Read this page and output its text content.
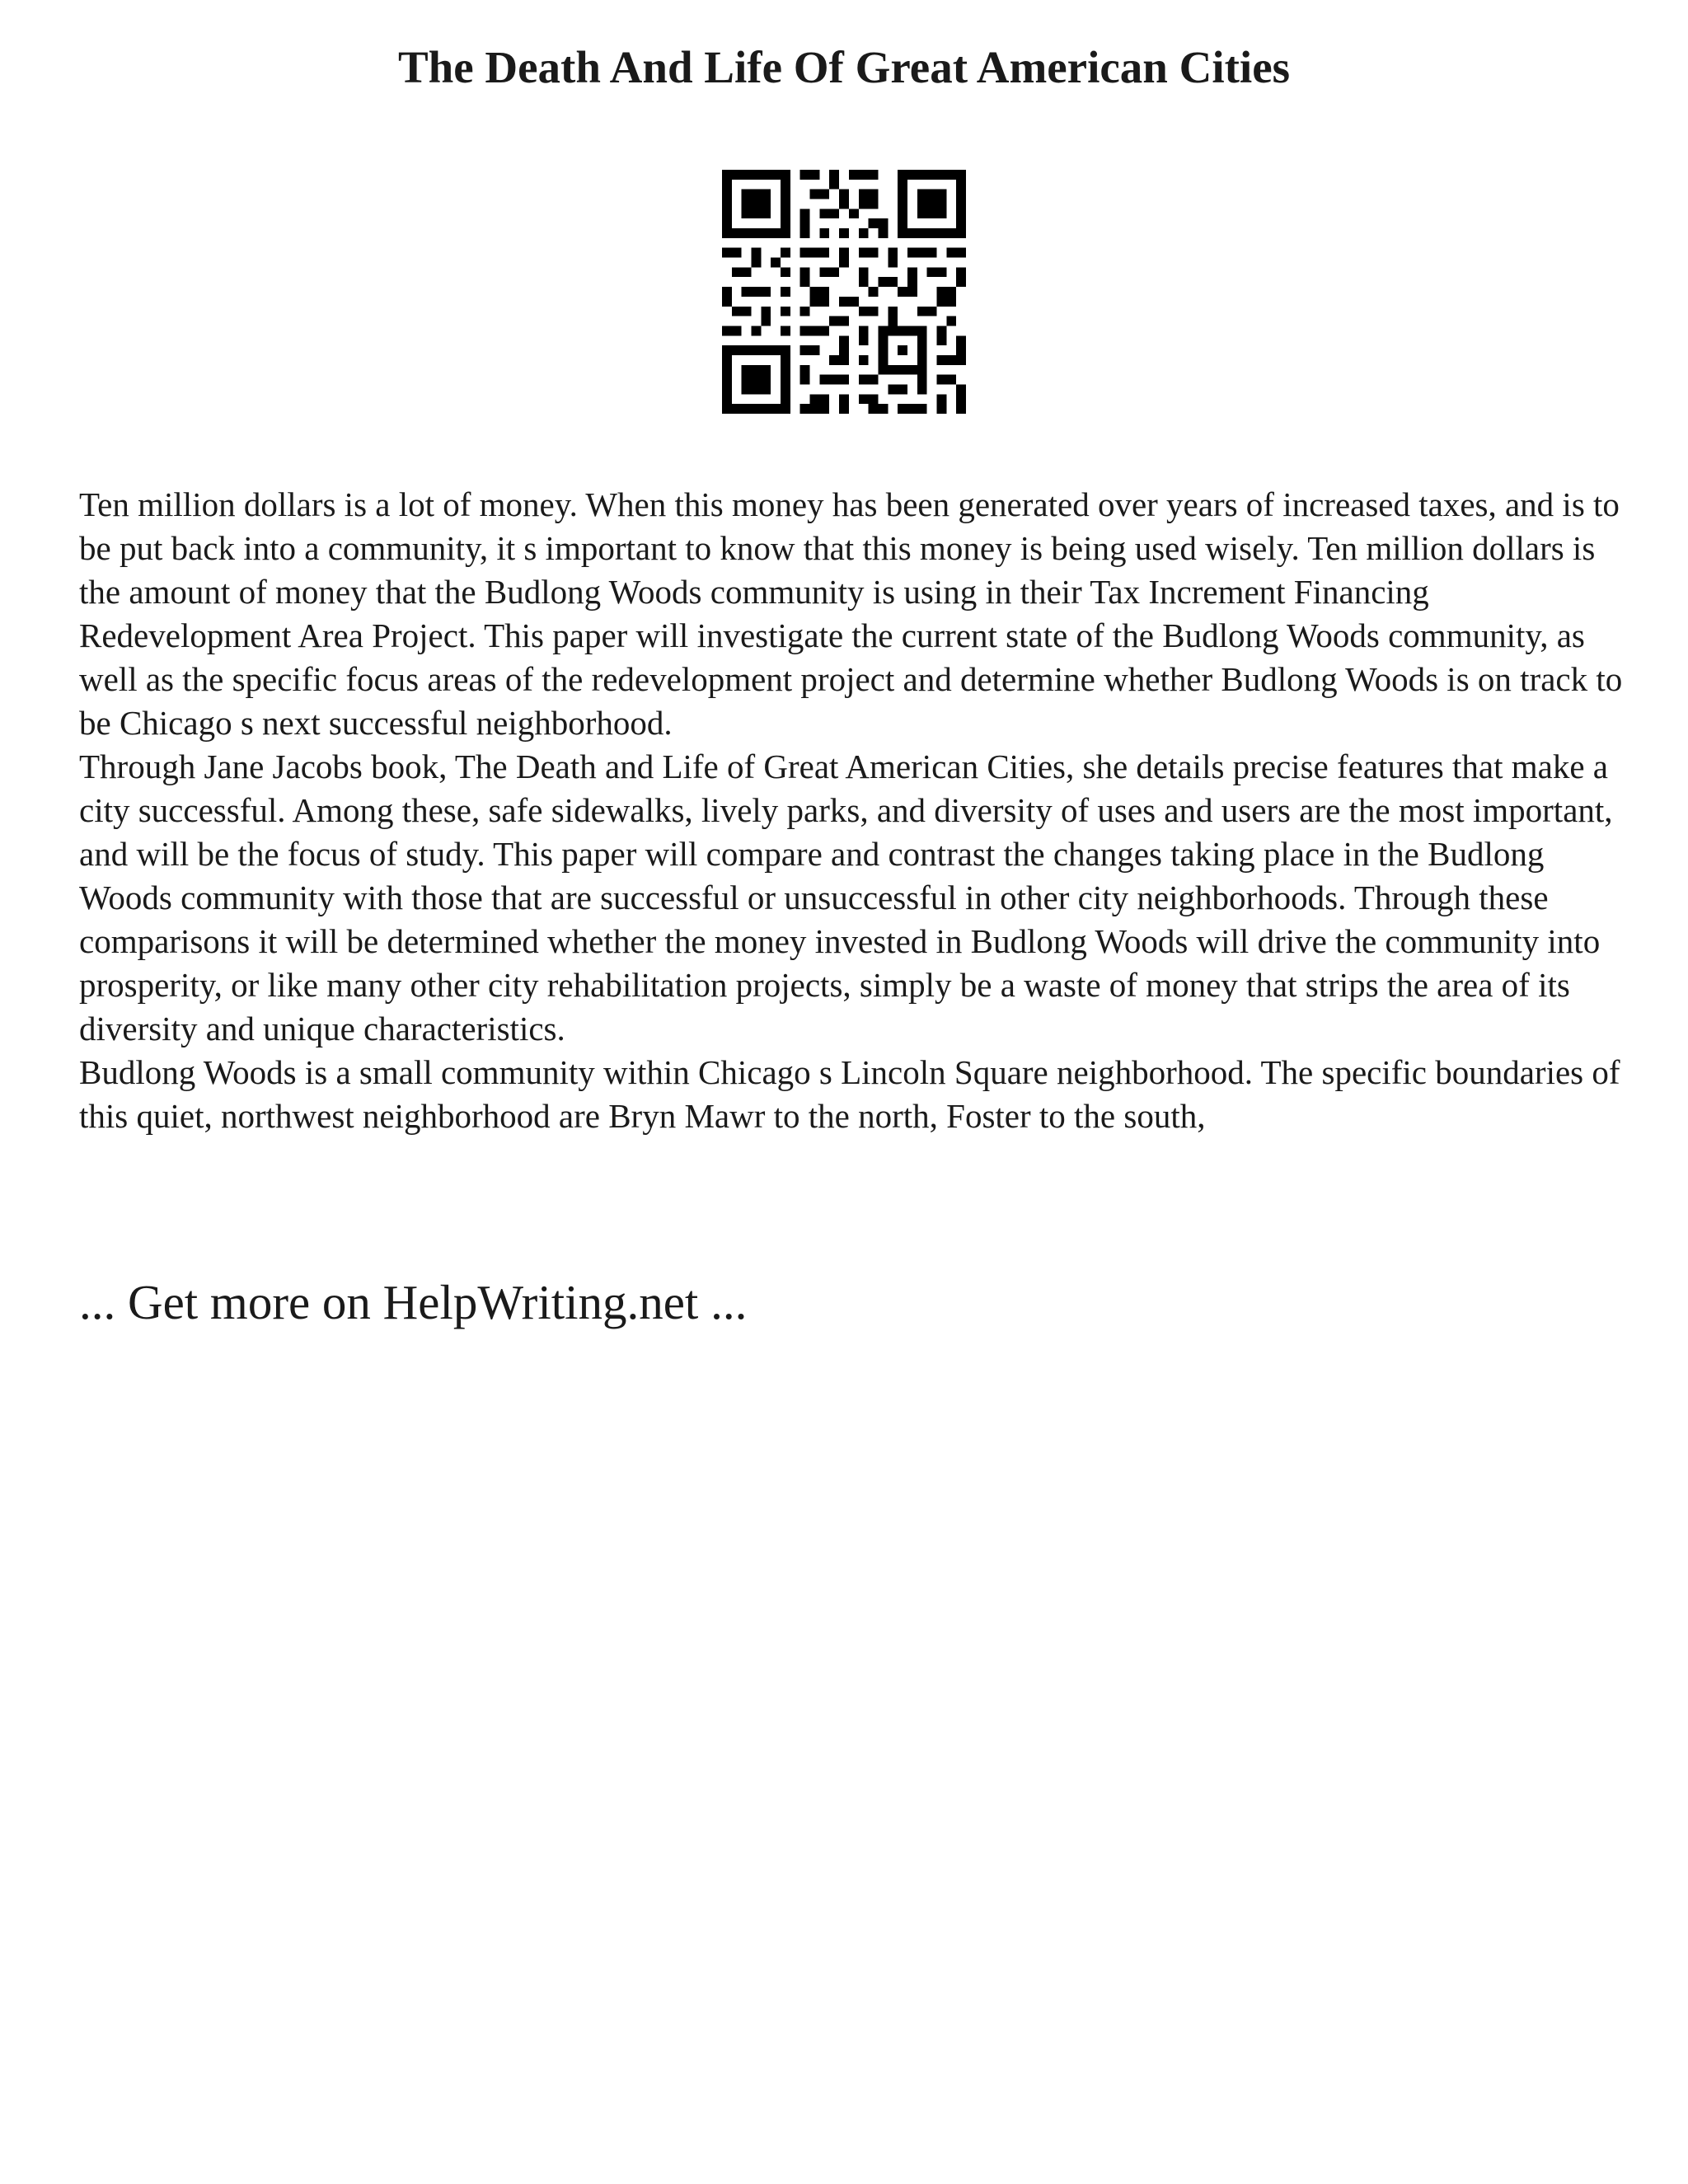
The Death And Life Of Great American Cities

Ten million dollars is a lot of money. When this money has been generated over years of increased taxes, and is to be put back into a community, it s important to know that this money is being used wisely. Ten million dollars is the amount of money that the Budlong Woods community is using in their Tax Increment Financing Redevelopment Area Project. This paper will investigate the current state of the Budlong Woods community, as well as the specific focus areas of the redevelopment project and determine whether Budlong Woods is on track to be Chicago s next successful neighborhood.

Through Jane Jacobs book, The Death and Life of Great American Cities, she details precise features that make a city successful. Among these, safe sidewalks, lively parks, and diversity of uses and users are the most important, and will be the focus of study. This paper will compare and contrast the changes taking place in the Budlong Woods community with those that are successful or unsuccessful in other city neighborhoods. Through these comparisons it will be determined whether the money invested in Budlong Woods will drive the community into prosperity, or like many other city rehabilitation projects, simply be a waste of money that strips the area of its diversity and unique characteristics.

Budlong Woods is a small community within Chicago s Lincoln Square neighborhood. The specific boundaries of this quiet, northwest neighborhood are Bryn Mawr to the north, Foster to the south,

... Get more on HelpWriting.net ...
